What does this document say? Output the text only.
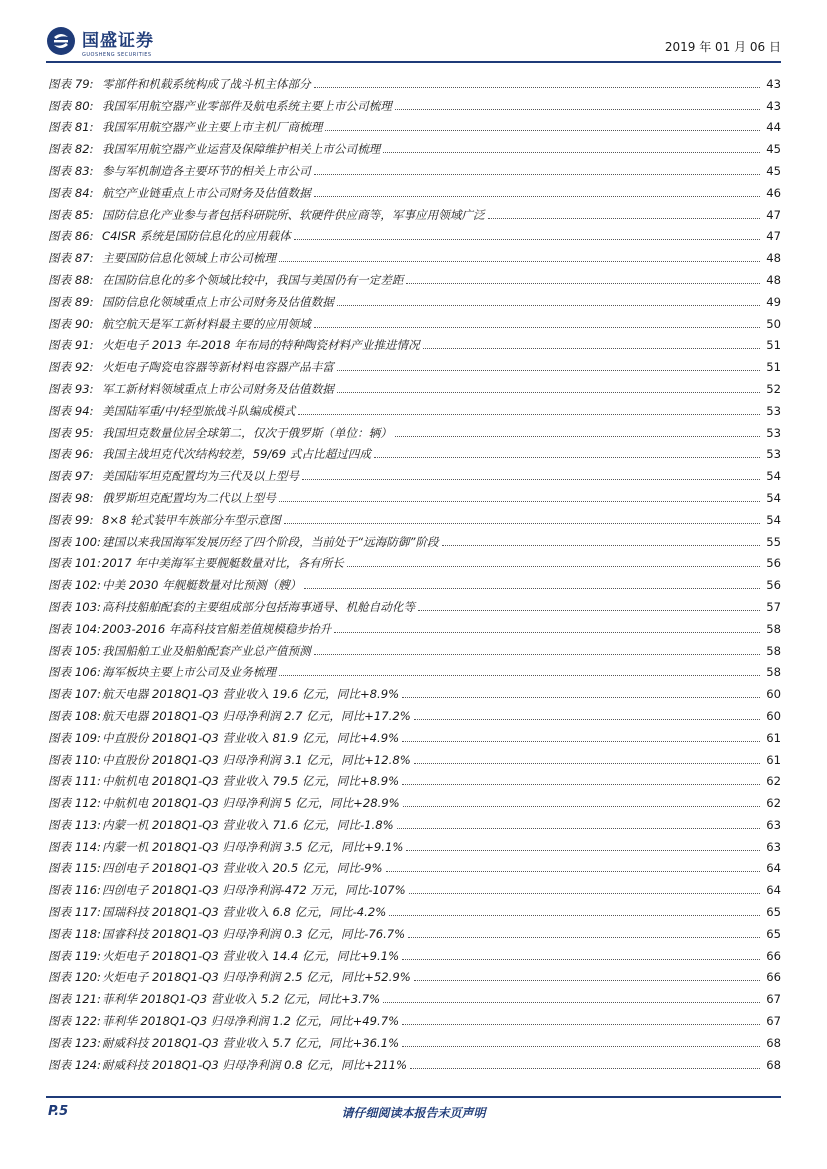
国盛证券
GUOSHENG SECURITIES
2019 年 01 月 06 日
图表 79: 零部件和机载系统构成了战斗机主体部分	43
图表 80: 我国军用航空器产业零部件及航电系统主要上市公司梳理	43
图表 81: 我国军用航空器产业主要上市主机厂商梳理	44
图表 82: 我国军用航空器产业运营及保障维护相关上市公司梳理	45
图表 83: 参与军机制造各主要环节的相关上市公司	45
图表 84: 航空产业链重点上市公司财务及估值数据	46
图表 85: 国防信息化产业参与者包括科研院所、软硬件供应商等，军事应用领域广泛	47
图表 86: C4ISR 系统是国防信息化的应用载体	47
图表 87: 主要国防信息化领域上市公司梳理	48
图表 88: 在国防信息化的多个领域比较中，我国与美国仍有一定差距	48
图表 89: 国防信息化领域重点上市公司财务及估值数据	49
图表 90: 航空航天是军工新材料最主要的应用领域	50
图表 91: 火炬电子 2013 年-2018 年布局的特种陶瓷材料产业推进情况	51
图表 92: 火炬电子陶瓷电容器等新材料电容器产品丰富	51
图表 93: 军工新材料领域重点上市公司财务及估值数据	52
图表 94: 美国陆军重/中/轻型旅战斗队编成模式	53
图表 95: 我国坦克数量位居全球第二，仅次于俄罗斯（单位：辆）	53
图表 96: 我国主战坦克代次结构较差，59/69 式占比超过四成	53
图表 97: 美国陆军坦克配置均为三代及以上型号	54
图表 98: 俄罗斯坦克配置均为二代以上型号	54
图表 99: 8×8 轮式装甲车族部分车型示意图	54
图表 100: 建国以来我国海军发展历经了四个阶段，当前处于“远海防御”阶段	55
图表 101: 2017 年中美海军主要舰艇数量对比，各有所长	56
图表 102: 中美 2030 年舰艇数量对比预测（艘）	56
图表 103: 高科技船舶配套的主要组成部分包括海事通导、机舱自动化等	57
图表 104: 2003-2016 年高科技官船差值规模稳步抬升	58
图表 105: 我国船舶工业及船舶配套产业总产值预测	58
图表 106: 海军板块主要上市公司及业务梳理	58
图表 107: 航天电器 2018Q1-Q3 营业收入 19.6 亿元，同比+8.9%	60
图表 108: 航天电器 2018Q1-Q3 归母净利润 2.7 亿元，同比+17.2%	60
图表 109: 中直股份 2018Q1-Q3 营业收入 81.9 亿元，同比+4.9%	61
图表 110: 中直股份 2018Q1-Q3 归母净利润 3.1 亿元，同比+12.8%	61
图表 111: 中航机电 2018Q1-Q3 营业收入 79.5 亿元，同比+8.9%	62
图表 112: 中航机电 2018Q1-Q3 归母净利润 5 亿元，同比+28.9%	62
图表 113: 内蒙一机 2018Q1-Q3 营业收入 71.6 亿元，同比-1.8%	63
图表 114: 内蒙一机 2018Q1-Q3 归母净利润 3.5 亿元，同比+9.1%	63
图表 115: 四创电子 2018Q1-Q3 营业收入 20.5 亿元，同比-9%	64
图表 116: 四创电子 2018Q1-Q3 归母净利润-472 万元，同比-107%	64
图表 117: 国瑞科技 2018Q1-Q3 营业收入 6.8 亿元，同比-4.2%	65
图表 118: 国睿科技 2018Q1-Q3 归母净利润 0.3 亿元，同比-76.7%	65
图表 119: 火炬电子 2018Q1-Q3 营业收入 14.4 亿元，同比+9.1%	66
图表 120: 火炬电子 2018Q1-Q3 归母净利润 2.5 亿元，同比+52.9%	66
图表 121: 菲利华 2018Q1-Q3 营业收入 5.2 亿元，同比+3.7%	67
图表 122: 菲利华 2018Q1-Q3 归母净利润 1.2 亿元，同比+49.7%	67
图表 123: 耐威科技 2018Q1-Q3 营业收入 5.7 亿元，同比+36.1%	68
图表 124: 耐威科技 2018Q1-Q3 归母净利润 0.8 亿元，同比+211%	68
请仔细阅读本报告末页声明
P.5
